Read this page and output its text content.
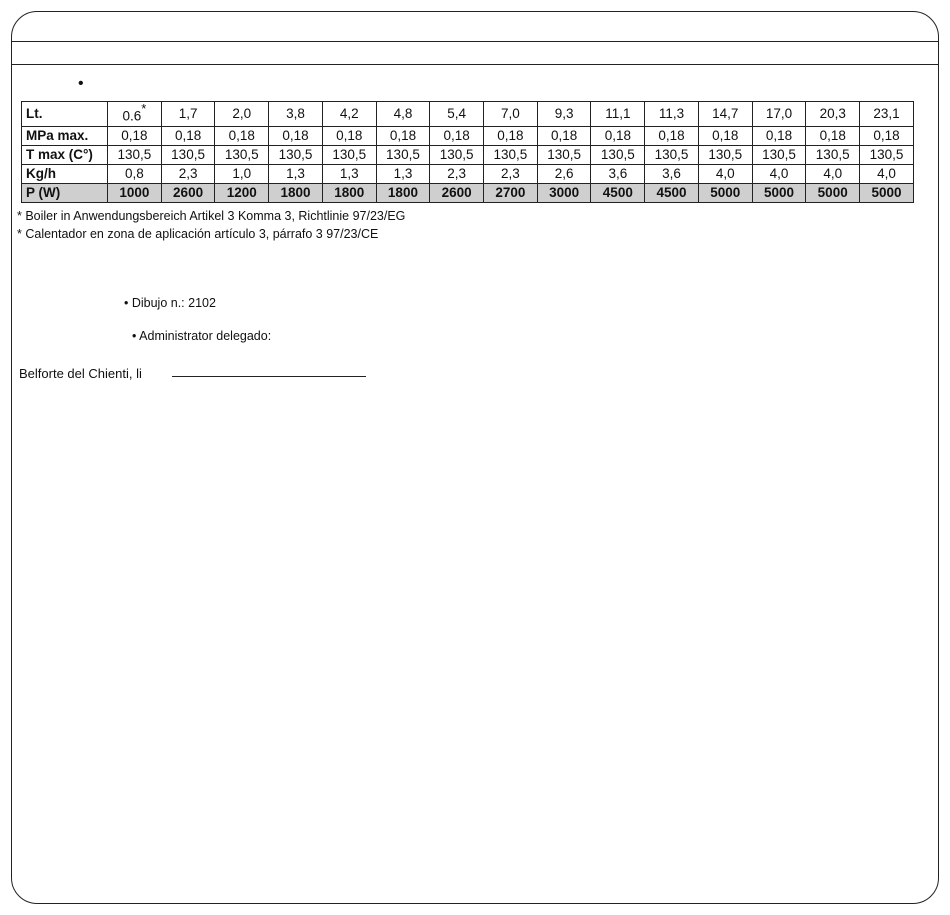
•
Lt.	0.6*	1,7	2,0	3,8	4,2	4,8	5,4	7,0	9,3	11,1	11,3	14,7	17,0	20,3	23,1
MPa max.	0,18	0,18	0,18	0,18	0,18	0,18	0,18	0,18	0,18	0,18	0,18	0,18	0,18	0,18	0,18
T max (C°)	130,5	130,5	130,5	130,5	130,5	130,5	130,5	130,5	130,5	130,5	130,5	130,5	130,5	130,5	130,5
Kg/h	0,8	2,3	1,0	1,3	1,3	1,3	2,3	2,3	2,6	3,6	3,6	4,0	4,0	4,0	4,0
P (W)	1000	2600	1200	1800	1800	1800	2600	2700	3000	4500	4500	5000	5000	5000	5000
* Boiler in Anwendungsbereich Artikel 3 Komma 3, Richtlinie 97/23/EG
* Calentador en zona de aplicación artículo 3, párrafo 3 97/23/CE
• Dibujo n.: 2102
• Administrator delegado:
Belforte del Chienti, li
